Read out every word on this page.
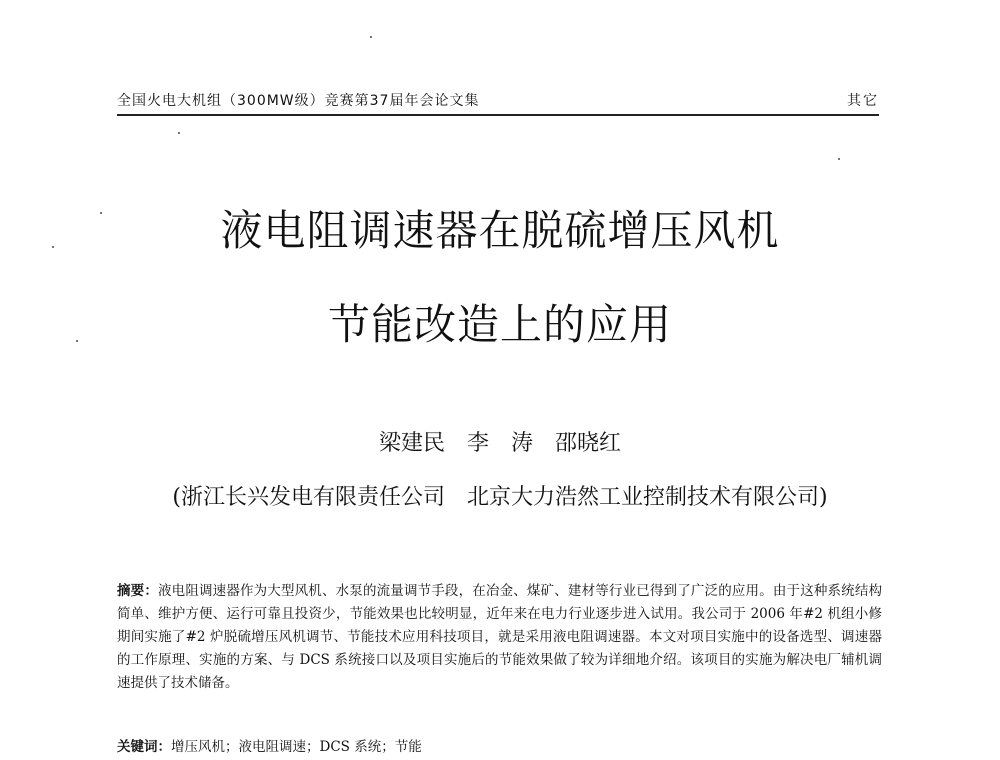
全国火电大机组（300MW级）竞赛第37届年会论文集	其它
液电阻调速器在脱硫增压风机
节能改造上的应用
梁建民　李　涛　邵晓红
(浙江长兴发电有限责任公司　北京大力浩然工业控制技术有限公司)
摘要：液电阻调速器作为大型风机、水泵的流量调节手段，在冶金、煤矿、建材等行业已得到了广泛的应用。由于这种系统结构简单、维护方便、运行可靠且投资少，节能效果也比较明显，近年来在电力行业逐步进入试用。我公司于 2006 年#2 机组小修期间实施了#2 炉脱硫增压风机调节、节能技术应用科技项目，就是采用液电阻调速器。本文对项目实施中的设备选型、调速器的工作原理、实施的方案、与 DCS 系统接口以及项目实施后的节能效果做了较为详细地介绍。该项目的实施为解决电厂辅机调速提供了技术储备。
关键词：增压风机；液电阻调速；DCS 系统；节能
